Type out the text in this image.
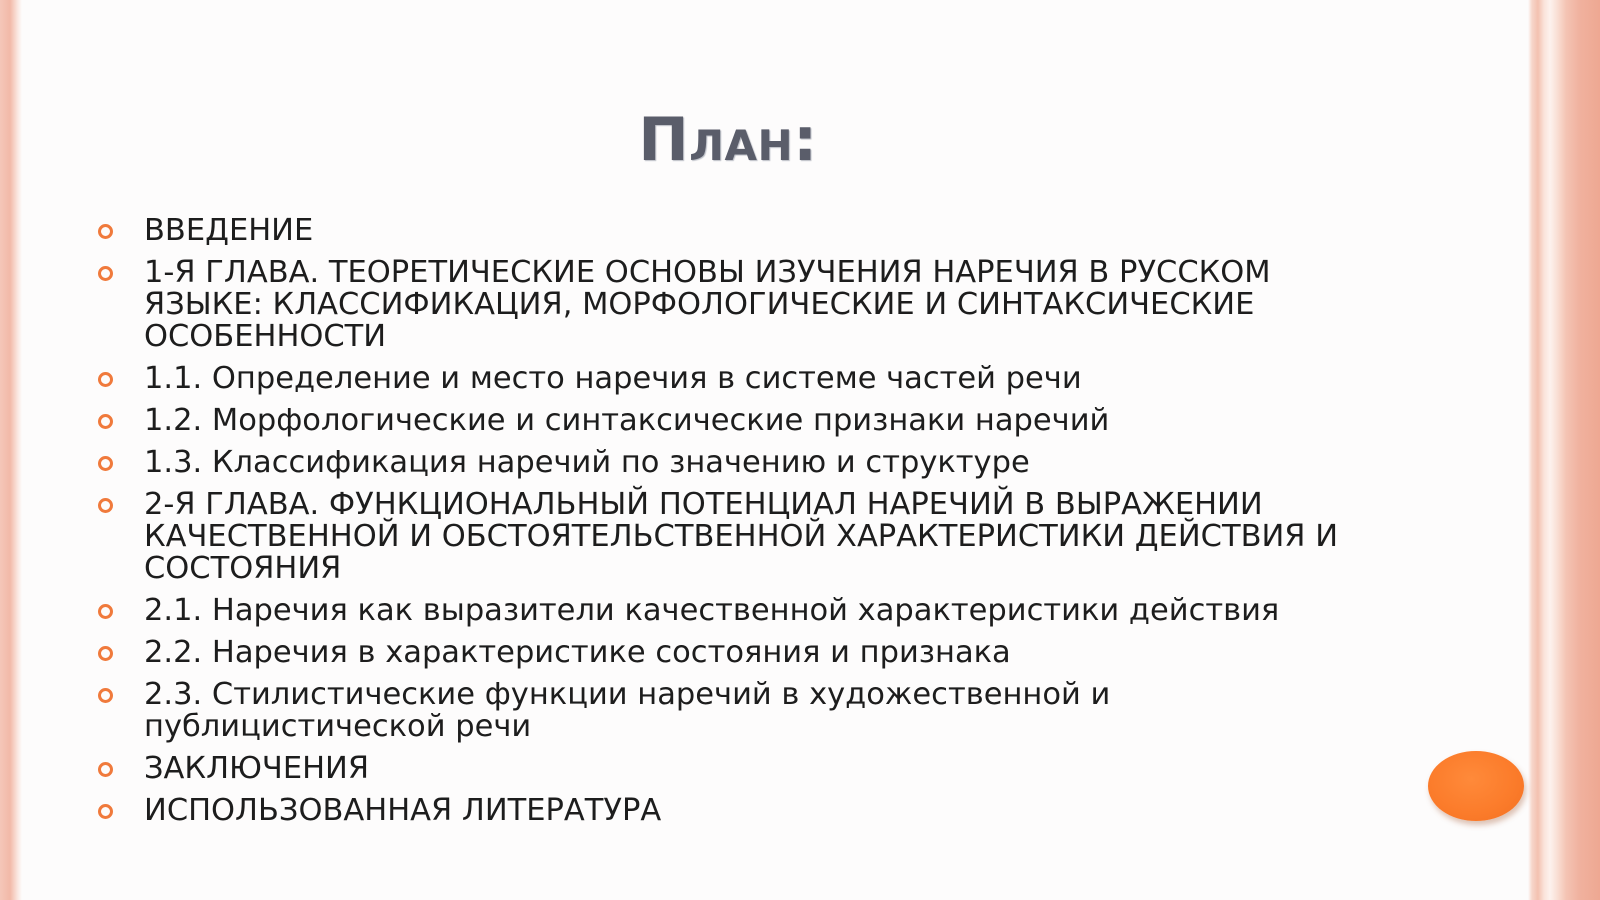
План:
ВВЕДЕНИЕ
1-Я ГЛАВА. ТЕОРЕТИЧЕСКИЕ ОСНОВЫ ИЗУЧЕНИЯ НАРЕЧИЯ В РУССКОМ ЯЗЫКЕ: КЛАССИФИКАЦИЯ, МОРФОЛОГИЧЕСКИЕ И СИНТАКСИЧЕСКИЕ ОСОБЕННОСТИ
1.1. Определение и место наречия в системе частей речи
1.2. Морфологические и синтаксические признаки наречий
1.3. Классификация наречий по значению и структуре
2-Я ГЛАВА. ФУНКЦИОНАЛЬНЫЙ ПОТЕНЦИАЛ НАРЕЧИЙ В ВЫРАЖЕНИИ КАЧЕСТВЕННОЙ И ОБСТОЯТЕЛЬСТВЕННОЙ ХАРАКТЕРИСТИКИ ДЕЙСТВИЯ И СОСТОЯНИЯ
2.1. Наречия как выразители качественной характеристики действия
2.2. Наречия в характеристике состояния и признака
2.3. Стилистические функции наречий в художественной и публицистической речи
ЗАКЛЮЧЕНИЯ
ИСПОЛЬЗОВАННАЯ ЛИТЕРАТУРА
